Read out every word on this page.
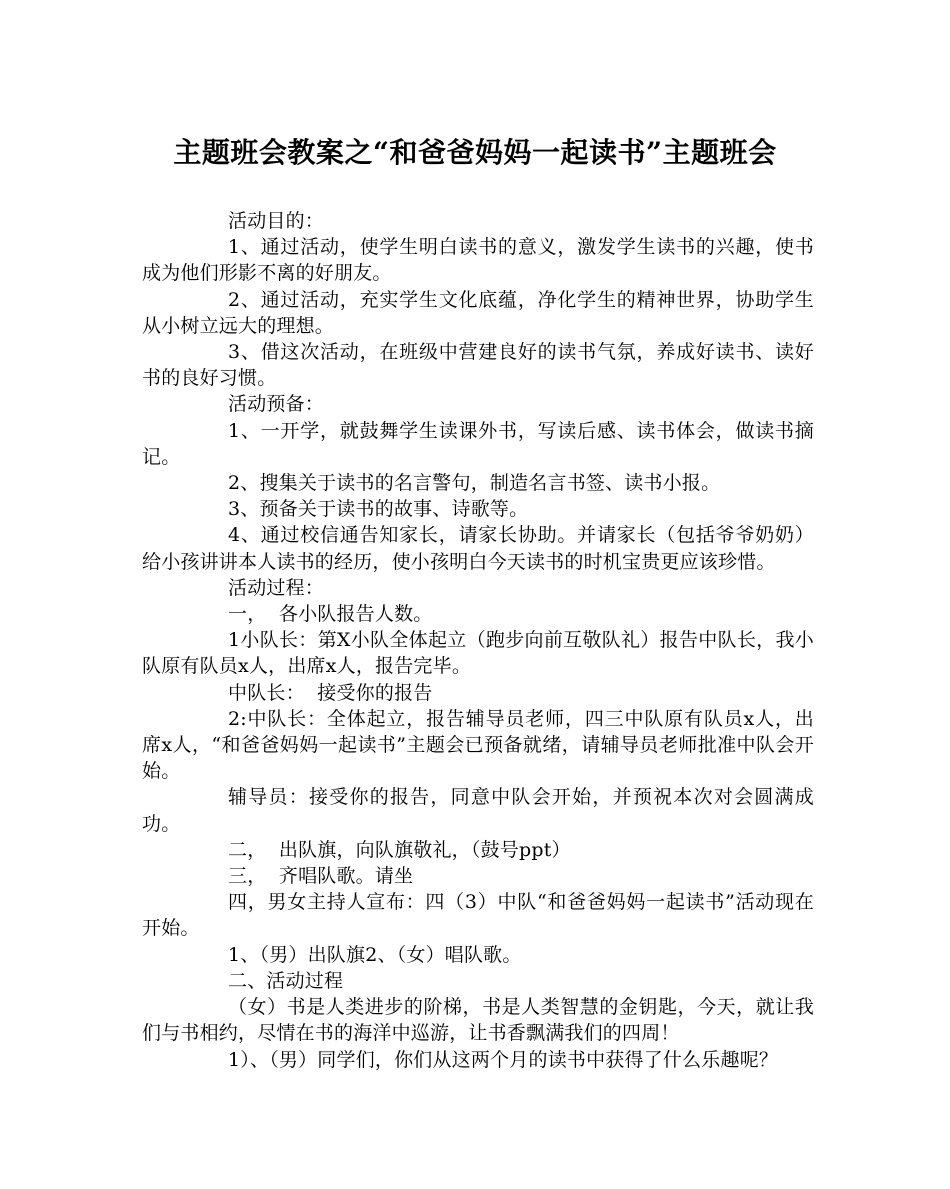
主题班会教案之“和爸爸妈妈一起读书”主题班会

活动目的：

1、通过活动，使学生明白读书的意义，激发学生读书的兴趣，使书成为他们形影不离的好朋友。

2、通过活动，充实学生文化底蕴，净化学生的精神世界，协助学生从小树立远大的理想。

3、借这次活动，在班级中营建良好的读书气氛，养成好读书、读好书的良好习惯。

活动预备：

1、一开学，就鼓舞学生读课外书，写读后感、读书体会，做读书摘记。

2、搜集关于读书的名言警句，制造名言书签、读书小报。

3、预备关于读书的故事、诗歌等。

4、通过校信通告知家长，请家长协助。并请家长（包括爷爷奶奶）给小孩讲讲本人读书的经历，使小孩明白今天读书的时机宝贵更应该珍惜。

活动过程：

一，  各小队报告人数。

1小队长：第X小队全体起立（跑步向前互敬队礼）报告中队长，我小队原有队员x人，出席x人，报告完毕。

中队长：  接受你的报告

2:中队长：全体起立，报告辅导员老师，四三中队原有队员x人，出席x人，“和爸爸妈妈一起读书”主题会已预备就绪，请辅导员老师批准中队会开始。

辅导员：接受你的报告，同意中队会开始，并预祝本次对会圆满成功。

二，  出队旗，向队旗敬礼，（鼓号ppt）

三，  齐唱队歌。请坐

四，男女主持人宣布：四（3）中队“和爸爸妈妈一起读书”活动现在开始。

1、（男）出队旗2、（女）唱队歌。

二、活动过程

（女）书是人类进步的阶梯，书是人类智慧的金钥匙，今天，就让我们与书相约，尽情在书的海洋中巡游，让书香飘满我们的四周！

1）、（男）同学们，你们从这两个月的读书中获得了什么乐趣呢？
